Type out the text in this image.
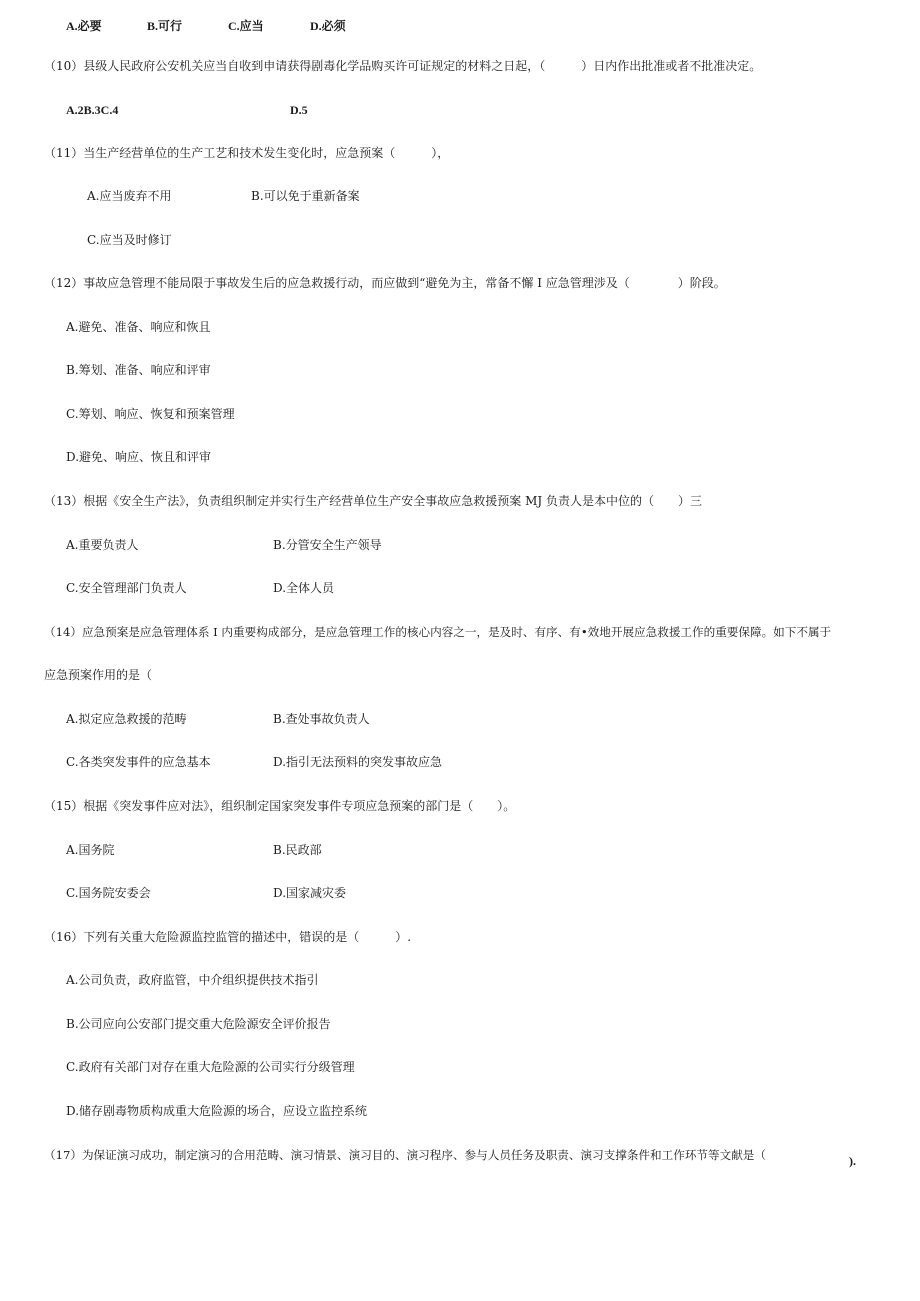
A.必要	B.可行	C.应当	D.必须
（10）县级人民政府公安机关应当自收到申请获得剧毒化学品购买许可证规定的材料之日起，（　　　）日内作出批准或者不批准决定。
A.2B.3C.4	D.5
（11）当生产经营单位的生产工艺和技术发生变化时，应急预案（　　　），
A.应当废弃不用	B.可以免于重新备案
C.应当及时修订
（12）事故应急管理不能局限于事故发生后的应急救援行动，而应做到“避免为主，常备不懈 I 应急管理涉及（　　　　）阶段。
A.避免、准备、响应和恢且
B.筹划、准备、响应和评审
C.筹划、响应、恢复和预案管理
D.避免、响应、恢且和评审
（13）根据《安全生产法》，负责组织制定并实行生产经营单位生产安全事故应急救援预案 MJ 负责人是本中位的（　　）三
A.重要负责人	B.分管安全生产领导
C.安全管理部门负责人	D.全体人员
（14）应急预案是应急管理体系 I 内重要构成部分，是应急管理工作的核心内容之一，是及时、有序、有•效地开展应急救援工作的重要保障。如下不属于
应急预案作用的是（
A.拟定应急救援的范畴	B.查处事故负责人
C.各类突发事件的应急基本	D.指引无法预料的突发事故应急
（15）根据《突发事件应对法》，组织制定国家突发事件专项应急预案的部门是（　　）。
A.国务院	B.民政部
C.国务院安委会	D.国家减灾委
（16）下列有关重大危险源监控监管的描述中，错误的是（　　　）.
A.公司负责，政府监管，中介组织提供技术指引
B.公司应向公安部门提交重大危险源安全评价报告
C.政府有关部门对存在重大危险源的公司实行分级管理
D.储存剧毒物质构成重大危险源的场合，应设立监控系统
（17）为保证演习成功，制定演习的合用范畴、演习情景、演习目的、演习程序、参与人员任务及职责、演习支撑条件和工作环节等文献是（	).
